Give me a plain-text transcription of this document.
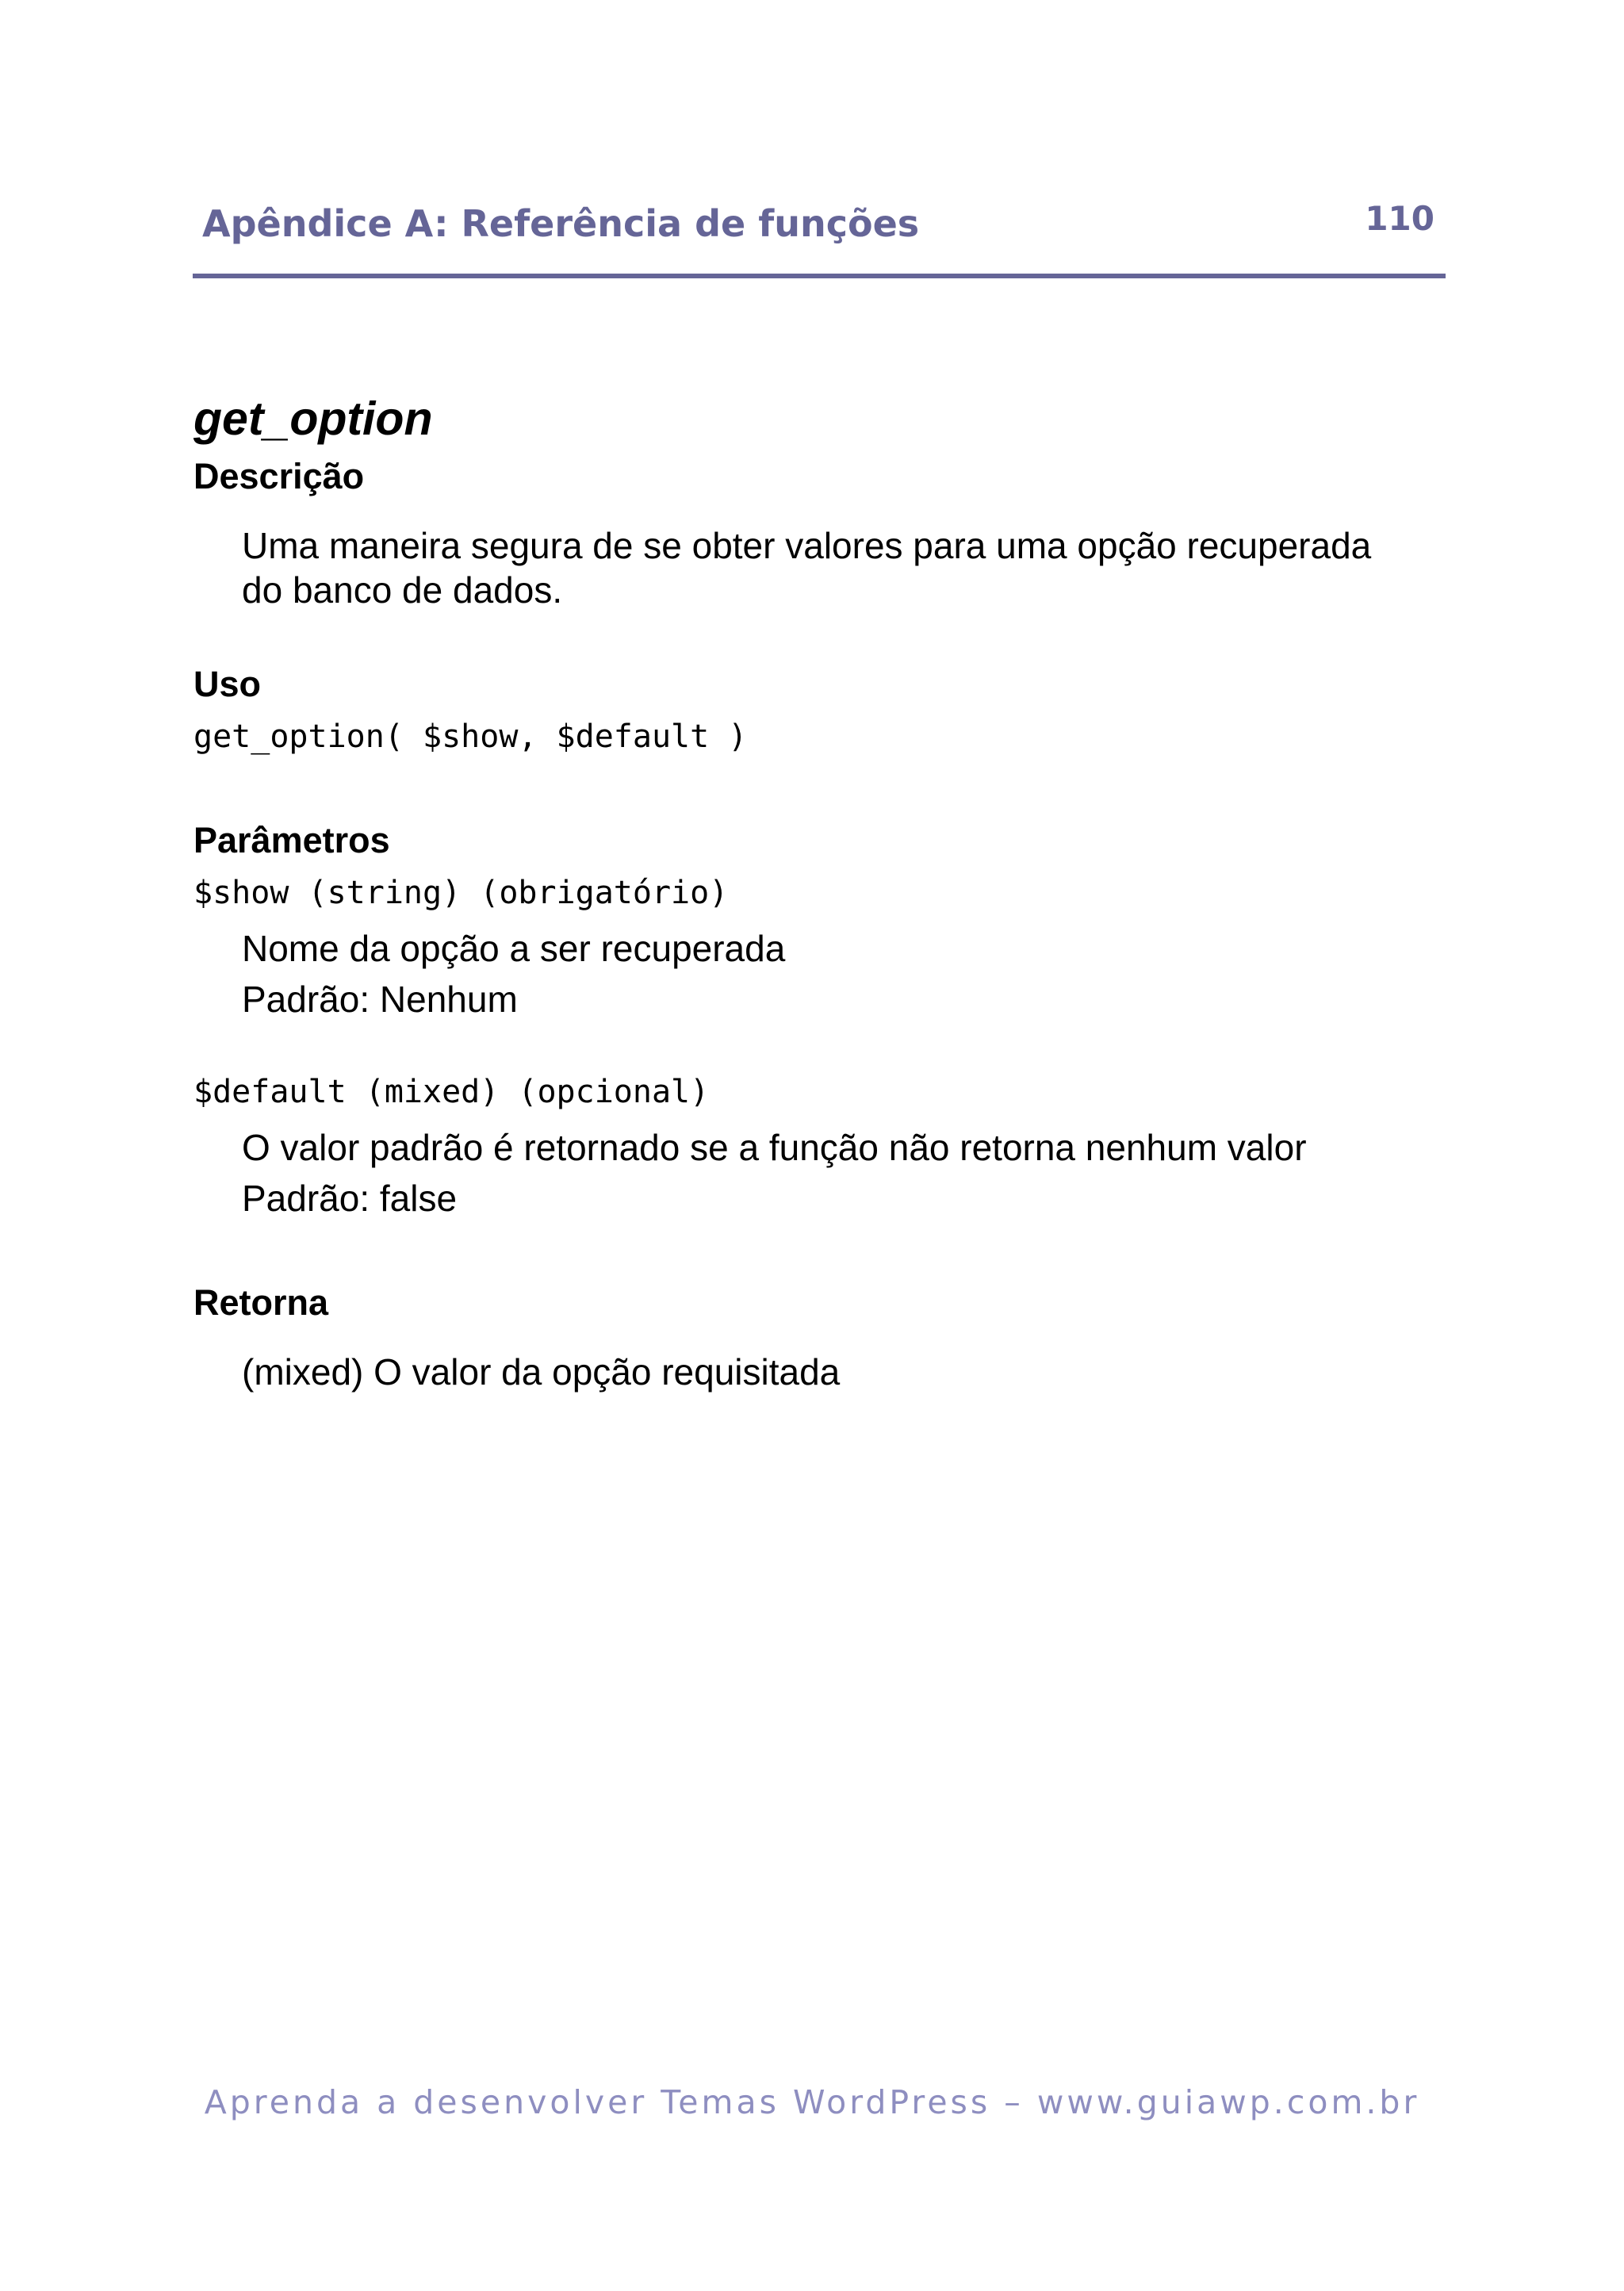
Apêndice A: Referência de funções	110
get_option
Descrição

Uma maneira segura de se obter valores para uma opção recuperada

do banco de dados.

Uso

get_option( $show, $default )

Parâmetros

$show (string) (obrigatório)

Nome da opção a ser recuperada

Padrão: Nenhum

$default (mixed) (opcional)

O valor padrão é retornado se a função não retorna nenhum valor

Padrão: false

Retorna

(mixed) O valor da opção requisitada

Aprenda a desenvolver Temas WordPress – www.guiawp.com.br
